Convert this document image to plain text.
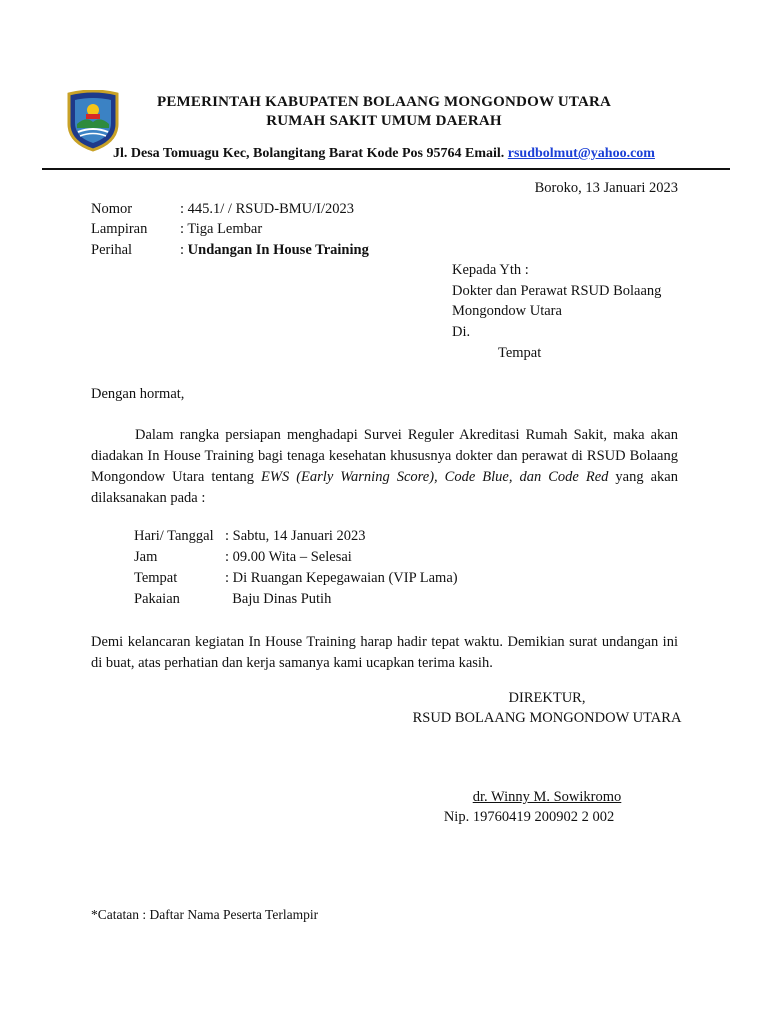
PEMERINTAH KABUPATEN BOLAANG MONGONDOW UTARA
RUMAH SAKIT UMUM DAERAH
Jl. Desa Tomuagu Kec, Bolangitang Barat Kode Pos 95764 Email. rsudbolmut@yahoo.com
Boroko, 13 Januari 2023
Nomor	: 445.1/ / RSUD-BMU/I/2023
Lampiran : Tiga Lembar
Perihal	: Undangan In House Training
Kepada Yth :
Dokter dan Perawat RSUD Bolaang
Mongondow Utara
Di.
Tempat
Dengan hormat,
Dalam rangka persiapan menghadapi Survei Reguler Akreditasi Rumah Sakit, maka akan diadakan In House Training bagi tenaga kesehatan khususnya dokter dan perawat di RSUD Bolaang Mongondow Utara tentang EWS (Early Warning Score), Code Blue, dan Code Red yang akan dilaksanakan pada :
Hari/ Tanggal : Sabtu, 14 Januari 2023
Jam	: 09.00 Wita – Selesai
Tempat	: Di Ruangan Kepegawaian (VIP Lama)
Pakaian	Baju Dinas Putih
Demi kelancaran kegiatan In House Training harap hadir tepat waktu. Demikian surat undangan ini di buat, atas perhatian dan kerja samanya kami ucapkan terima kasih.
DIREKTUR,
RSUD BOLAANG MONGONDOW UTARA
dr. Winny M. Sowikromo
Nip. 19760419 200902 2 002
*Catatan : Daftar Nama Peserta Terlampir
